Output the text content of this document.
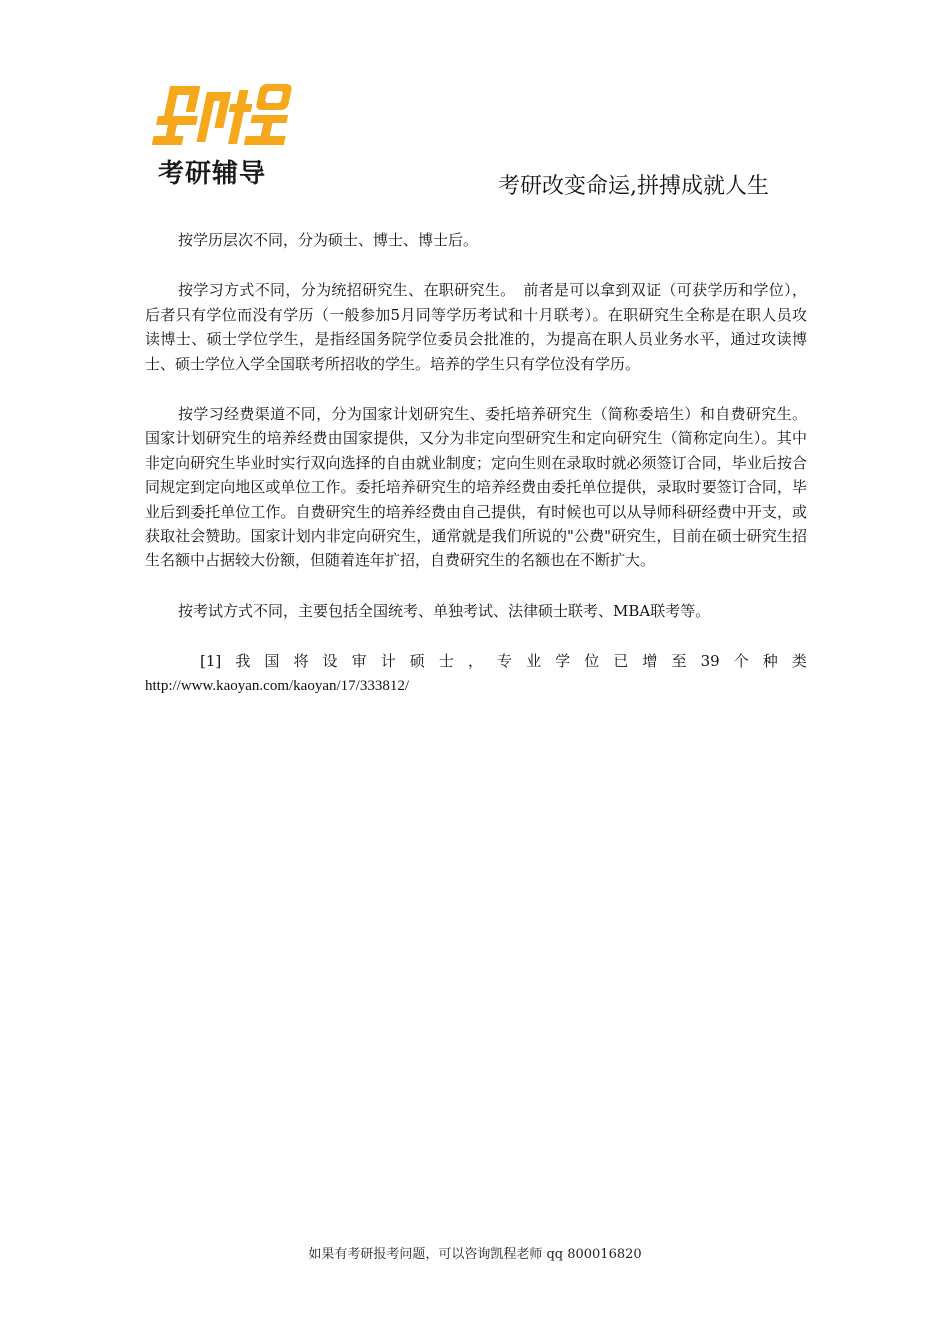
考研辅导	考研改变命运,拼搏成就人生

按学历层次不同，分为硕士、博士、博士后。

按学习方式不同，分为统招研究生、在职研究生。　前者是可以拿到双证（可获学历和学位），后者只有学位而没有学历（一般参加5月同等学历考试和十月联考）。在职研究生全称是在职人员攻读博士、硕士学位学生，是指经国务院学位委员会批准的，为提高在职人员业务水平，通过攻读博士、硕士学位入学全国联考所招收的学生。培养的学生只有学位没有学历。

按学习经费渠道不同，分为国家计划研究生、委托培养研究生（简称委培生）和自费研究生。国家计划研究生的培养经费由国家提供，又分为非定向型研究生和定向研究生（简称定向生）。其中非定向研究生毕业时实行双向选择的自由就业制度；定向生则在录取时就必须签订合同，毕业后按合同规定到定向地区或单位工作。委托培养研究生的培养经费由委托单位提供，录取时要签订合同，毕业后到委托单位工作。自费研究生的培养经费由自己提供，有时候也可以从导师科研经费中开支，或获取社会赞助。国家计划内非定向研究生，通常就是我们所说的"公费"研究生，目前在硕士研究生招生名额中占据较大份额，但随着连年扩招，自费研究生的名额也在不断扩大。

按考试方式不同，主要包括全国统考、单独考试、法律硕士联考、MBA联考等。

[1] 我 国 将 设 审 计 硕 士 ， 专 业 学 位 已 增 至 39 个 种 类
http://www.kaoyan.com/kaoyan/17/333812/
如果有考研报考问题，可以咨询凯程老师 qq 800016820
